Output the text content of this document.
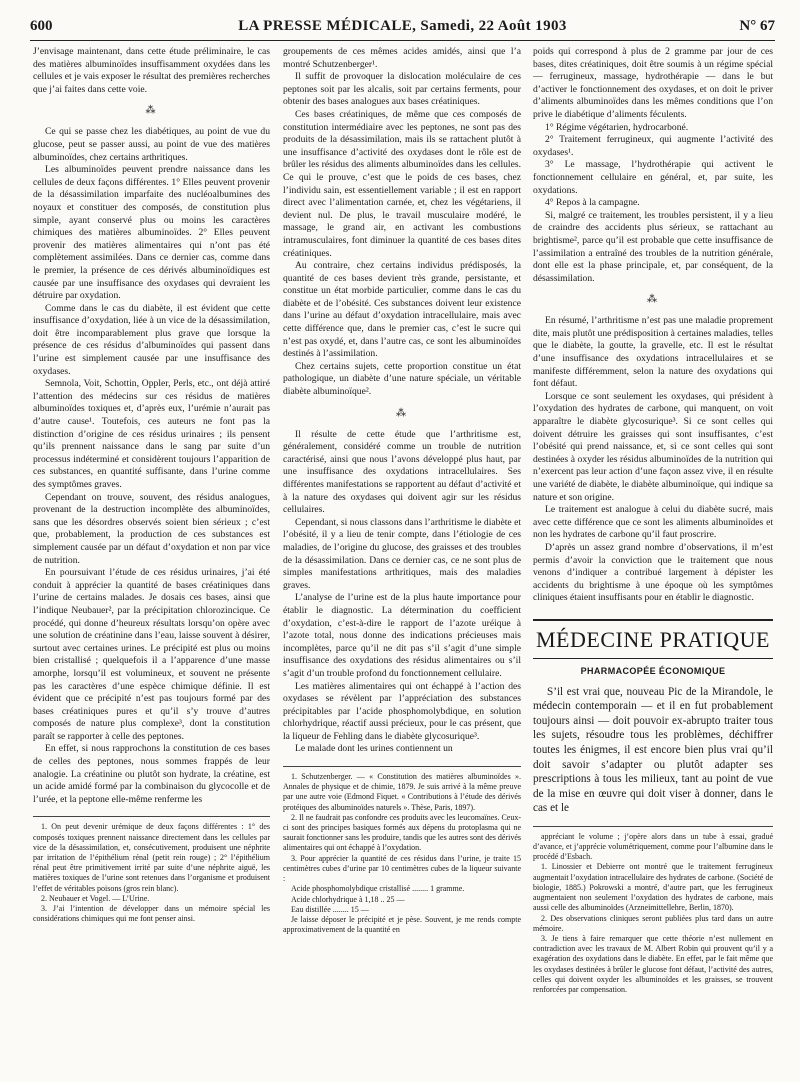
600	LA PRESSE MÉDICALE, Samedi, 22 Août 1903	N° 67

J’envisage maintenant, dans cette étude préliminaire, le cas des matières albuminoïdes insuffisamment oxydées dans les cellules et je vais exposer le résultat des premières recherches que j’ai faites dans cette voie.

⁂

Ce qui se passe chez les diabétiques, au point de vue du glucose, peut se passer aussi, au point de vue des matières albuminoïdes, chez certains arthritiques.

Les albuminoïdes peuvent prendre naissance dans les cellules de deux façons différentes. 1° Elles peuvent provenir de la désassimilation imparfaite des nucléoalbumines des noyaux et constituer des composés, de constitution plus simple, ayant conservé plus ou moins les caractères chimiques des matières albuminoïdes. 2° Elles peuvent provenir des matières alimentaires qui n’ont pas été complètement assimilées. Dans ce dernier cas, comme dans le premier, la présence de ces dérivés albuminoïdiques est causée par une insuffisance des oxydases qui devraient les détruire par oxydation.

Comme dans le cas du diabète, il est évident que cette insuffisance d’oxydation, liée à un vice de la désassimilation, doit être incomparablement plus grave que lorsque la présence de ces résidus d’albuminoïdes qui passent dans l’urine est simplement causée par une insuffisance des oxydases.

Semnola, Voit, Schottin, Oppler, Perls, etc., ont déjà attiré l’attention des médecins sur ces résidus de matières albuminoïdes toxiques et, d’après eux, l’urémie n’aurait pas d’autre cause¹. Toutefois, ces auteurs ne font pas la distinction d’origine de ces résidus urinaires ; ils pensent qu’ils prennent naissance dans le sang par suite d’un processus indéterminé et considèrent toujours l’apparition de ces substances, en quantité suffisante, dans l’urine comme des symptômes graves.

Cependant on trouve, souvent, des résidus analogues, provenant de la destruction incomplète des albuminoïdes, sans que les désordres observés soient bien sérieux ; c’est que, probablement, la production de ces substances est simplement causée par un défaut d’oxydation et non par vice de nutrition.

En poursuivant l’étude de ces résidus urinaires, j’ai été conduit à apprécier la quantité de bases créatiniques dans l’urine de certains malades. Je dosais ces bases, ainsi que l’indique Neubauer², par la précipitation chlorozincique. Ce procédé, qui donne d’heureux résultats lorsqu’on opère avec une solution de créatinine dans l’eau, laisse souvent à désirer, surtout avec certaines urines. Le précipité est plus ou moins bien cristallisé ; quelquefois il a l’apparence d’une masse amorphe, lorsqu’il est volumineux, et souvent ne présente pas les caractères d’une espèce chimique définie. Il est évident que ce précipité n’est pas toujours formé par des bases créatiniques pures et qu’il s’y trouve d’autres composés de nature plus complexe³, dont la constitution paraît se rapporter à celle des peptones.

En effet, si nous rapprochons la constitution de ces bases de celles des peptones, nous sommes frappés de leur analogie. La créatinine ou plutôt son hydrate, la créatine, est un acide amidé formé par la combinaison du glycocolle et de l’urée, et la peptone elle-même renferme les

1. On peut devenir urémique de deux façons différentes : 1° des composés toxiques prennent naissance directement dans les cellules par vice de la désassimilation, et, consécutivement, produisent une néphrite par irritation de l’épithélium rénal (petit rein rouge) ; 2° l’épithélium rénal peut être primitivement irrité par suite d’une néphrite aiguë, les matières toxiques de l’urine sont retenues dans l’organisme et produisent l’effet de véritables poisons (gros rein blanc).

2. Neubauer et Vogel. — L’Urine.

3. J’ai l’intention de développer dans un mémoire spécial les considérations chimiques qui me font penser ainsi.

groupements de ces mêmes acides amidés, ainsi que l’a montré Schutzenberger¹.

Il suffit de provoquer la dislocation moléculaire de ces peptones soit par les alcalis, soit par certains ferments, pour obtenir des bases analogues aux bases créatiniques.

Ces bases créatiniques, de même que ces composés de constitution intermédiaire avec les peptones, ne sont pas des produits de la désassimilation, mais ils se rattachent plutôt à une insuffisance d’activité des oxydases dont le rôle est de brûler les résidus des aliments albuminoïdes dans les cellules. Ce qui le prouve, c’est que le poids de ces bases, chez l’individu sain, est essentiellement variable ; il est en rapport direct avec l’alimentation carnée, et, chez les végétariens, il devient nul. De plus, le travail musculaire modéré, le massage, le grand air, en activant les combustions intramusculaires, font diminuer la quantité de ces bases dites créatiniques.

Au contraire, chez certains individus prédisposés, la quantité de ces bases devient très grande, persistante, et constitue un état morbide particulier, comme dans le cas du diabète et de l’obésité. Ces substances doivent leur existence dans l’urine au défaut d’oxydation intracellulaire, mais avec cette différence que, dans le premier cas, c’est le sucre qui n’est pas oxydé, et, dans l’autre cas, ce sont les albuminoïdes destinés à l’assimilation.

Chez certains sujets, cette proportion constitue un état pathologique, un diabète d’une nature spéciale, un véritable diabète albuminoïque².

⁂

Il résulte de cette étude que l’arthritisme est, généralement, considéré comme un trouble de nutrition caractérisé, ainsi que nous l’avons développé plus haut, par une insuffisance des oxydations intracellulaires. Ses différentes manifestations se rapportent au défaut d’activité et à la nature des oxydases qui doivent agir sur les résidus cellulaires.

Cependant, si nous classons dans l’arthritisme le diabète et l’obésité, il y a lieu de tenir compte, dans l’étiologie de ces maladies, de l’origine du glucose, des graisses et des troubles de la désassimilation. Dans ce dernier cas, ce ne sont plus de simples manifestations arthritiques, mais des maladies graves.

L’analyse de l’urine est de la plus haute importance pour établir le diagnostic. La détermination du coefficient d’oxydation, c’est-à-dire le rapport de l’azote uréique à l’azote total, nous donne des indications précieuses mais incomplètes, parce qu’il ne dit pas s’il s’agit d’une simple insuffisance des oxydations des résidus alimentaires ou s’il s’agit d’un trouble profond du fonctionnement cellulaire.

Les matières alimentaires qui ont échappé à l’action des oxydases se révèlent par l’appréciation des substances précipitables par l’acide phosphomolybdique, en solution chlorhydrique, réactif aussi précieux, pour le cas présent, que la liqueur de Fehling dans le diabète glycosurique³.

Le malade dont les urines contiennent un

1. Schutzenberger. — « Constitution des matières albuminoïdes ». Annales de physique et de chimie, 1879. Je suis arrivé à la même preuve par une autre voie (Edmond Fiquet. « Contributions à l’étude des dérivés protéiques des albuminoïdes naturels ». Thèse, Paris, 1897).

2. Il ne faudrait pas confondre ces produits avec les leucomaïnes. Ceux-ci sont des principes basiques formés aux dépens du protoplasma qui ne saurait fonctionner sans les produire, tandis que les autres sont des dérivés alimentaires qui ont échappé à l’oxydation.

3. Pour apprécier la quantité de ces résidus dans l’urine, je traite 15 centimètres cubes d’urine par 10 centimètres cubes de la liqueur suivante :

Acide phosphomolybdique cristallisé ........ 1 gramme.

Acide chlorhydrique à 1,18 .. 25 —

Eau distillée ........ 15 —

Je laisse déposer le précipité et je pèse. Souvent, je me rends compte approximativement de la quantité en

poids qui correspond à plus de 2 gramme par jour de ces bases, dites créatiniques, doit être soumis à un régime spécial — ferrugineux, massage, hydrothérapie — dans le but d’activer le fonctionnement des oxydases, et on doit le priver d’aliments albuminoïdes dans les mêmes conditions que l’on prive le diabétique d’aliments féculents.

1° Régime végétarien, hydrocarboné.

2° Traitement ferrugineux, qui augmente l’activité des oxydases¹.

3° Le massage, l’hydrothérapie qui activent le fonctionnement cellulaire en général, et, par suite, les oxydations.

4° Repos à la campagne.

Si, malgré ce traitement, les troubles persistent, il y a lieu de craindre des accidents plus sérieux, se rattachant au brightisme², parce qu’il est probable que cette insuffisance de l’assimilation a entraîné des troubles de la nutrition générale, dont elle est la phase principale, et, par conséquent, de la désassimilation.

⁂

En résumé, l’arthritisme n’est pas une maladie proprement dite, mais plutôt une prédisposition à certaines maladies, telles que le diabète, la goutte, la gravelle, etc. Il est le résultat d’une insuffisance des oxydations intracellulaires et se manifeste différemment, selon la nature des oxydations qui font défaut.

Lorsque ce sont seulement les oxydases, qui président à l’oxydation des hydrates de carbone, qui manquent, on voit apparaître le diabète glycosurique³. Si ce sont celles qui doivent détruire les graisses qui sont insuffisantes, c’est l’obésité qui prend naissance, et, si ce sont celles qui sont destinées à oxyder les résidus albuminoïdes de la nutrition qui n’exercent pas leur action d’une façon assez vive, il en résulte une variété de diabète, le diabète albuminoïque, qui indique sa nature et son origine.

Le traitement est analogue à celui du diabète sucré, mais avec cette différence que ce sont les aliments albuminoïdes et non les hydrates de carbone qu’il faut proscrire.

D’après un assez grand nombre d’observations, il m’est permis d’avoir la conviction que le traitement que nous venons d’indiquer a contribué largement à dépister les accidents du brightisme à une époque où les symptômes cliniques étaient insuffisants pour en établir le diagnostic.

MÉDECINE PRATIQUE
PHARMACOPÉE ÉCONOMIQUE

S’il est vrai que, nouveau Pic de la Mirandole, le médecin contemporain — et il en fut probablement toujours ainsi — doit pouvoir ex-abrupto traiter tous les sujets, résoudre tous les problèmes, déchiffrer toutes les énigmes, il est encore bien plus vrai qu’il doit savoir s’adapter ou plutôt adapter ses prescriptions à tous les milieux, tant au point de vue de la mise en œuvre qui doit viser à donner, dans le cas et le

appréciant le volume ; j’opère alors dans un tube à essai, gradué d’avance, et j’apprécie volumétriquement, comme pour l’albumine dans le procédé d’Esbach.

1. Linossier et Debierre ont montré que le traitement ferrugineux augmentait l’oxydation intracellulaire des hydrates de carbone. (Société de biologie, 1885.) Pokrowski a montré, d’autre part, que les ferrugineux augmentaient non seulement l’oxydation des hydrates de carbone, mais aussi celle des albuminoïdes (Arzneimittellehre, Berlin, 1870).

2. Des observations cliniques seront publiées plus tard dans un autre mémoire.

3. Je tiens à faire remarquer que cette théorie n’est nullement en contradiction avec les travaux de M. Albert Robin qui prouvent qu’il y a exagération des oxydations dans le diabète. En effet, par le fait même que les oxydases destinées à brûler le glucose font défaut, l’activité des autres, celles qui doivent oxyder les albuminoïdes et les graisses, se trouvent renforcées par compensation.
